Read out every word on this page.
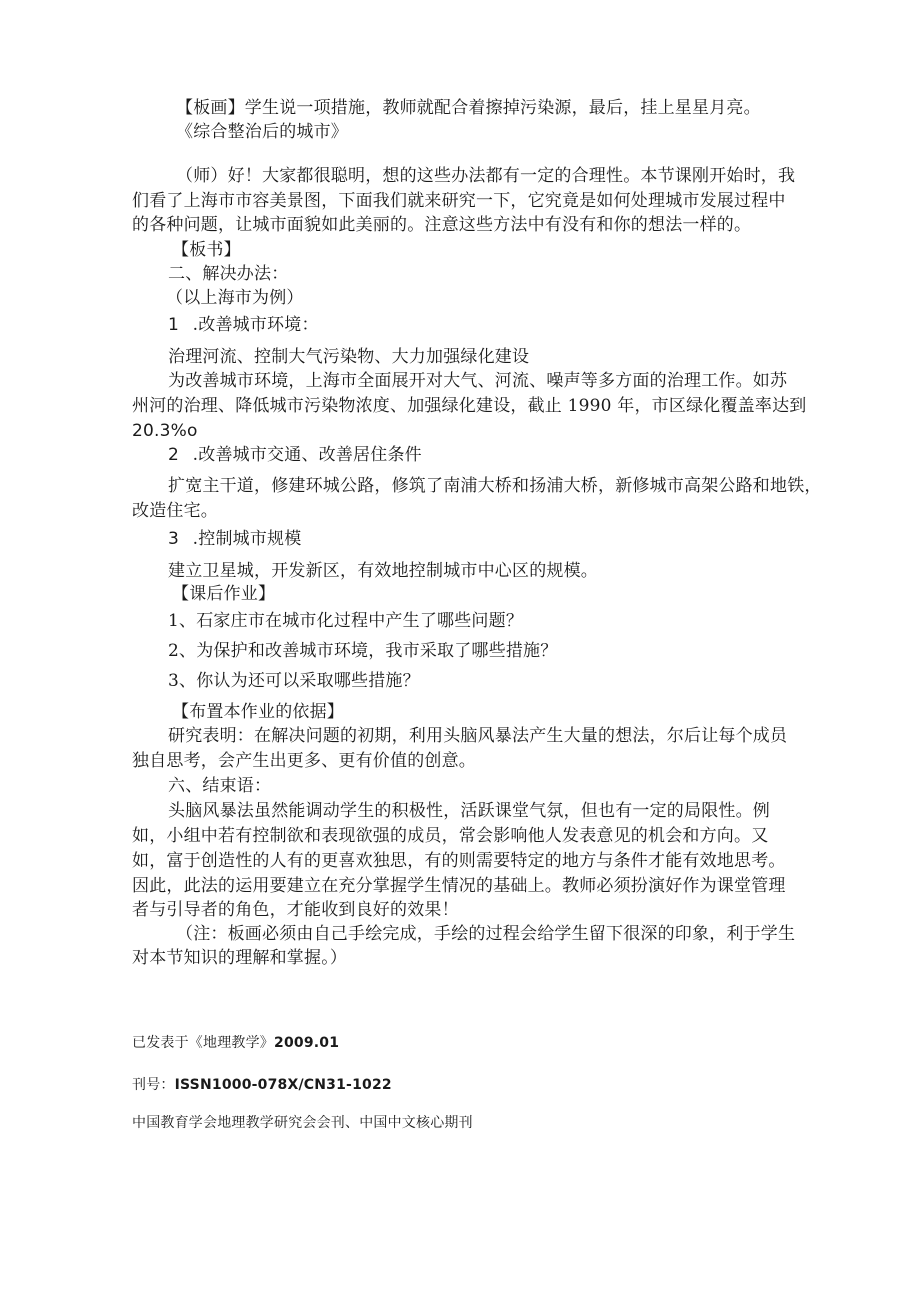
【板画】学生说一项措施，教师就配合着擦掉污染源，最后，挂上星星月亮。
《综合整治后的城市》
（师）好！大家都很聪明，想的这些办法都有一定的合理性。本节课刚开始时，我
们看了上海市市容美景图，下面我们就来研究一下，它究竟是如何处理城市发展过程中
的各种问题，让城市面貌如此美丽的。注意这些方法中有没有和你的想法一样的。
【板书】
二、解决办法：
（以上海市为例）
1 .改善城市环境：
治理河流、控制大气污染物、大力加强绿化建设
为改善城市环境，上海市全面展开对大气、河流、噪声等多方面的治理工作。如苏
州河的治理、降低城市污染物浓度、加强绿化建设，截止 1990 年，市区绿化覆盖率达到
20.3%o
2 .改善城市交通、改善居住条件
扩宽主干道，修建环城公路，修筑了南浦大桥和扬浦大桥，新修城市高架公路和地铁，
改造住宅。
3 .控制城市规模
建立卫星城，开发新区，有效地控制城市中心区的规模。
【课后作业】
1、石家庄市在城市化过程中产生了哪些问题？
2、为保护和改善城市环境，我市采取了哪些措施？
3、你认为还可以采取哪些措施？
【布置本作业的依据】
研究表明：在解决问题的初期，利用头脑风暴法产生大量的想法，尔后让每个成员
独自思考，会产生出更多、更有价值的创意。
六、结束语：
头脑风暴法虽然能调动学生的积极性，活跃课堂气氛，但也有一定的局限性。例
如，小组中若有控制欲和表现欲强的成员，常会影响他人发表意见的机会和方向。又
如，富于创造性的人有的更喜欢独思，有的则需要特定的地方与条件才能有效地思考。
因此，此法的运用要建立在充分掌握学生情况的基础上。教师必须扮演好作为课堂管理
者与引导者的角色，才能收到良好的效果！
（注：板画必须由自己手绘完成，手绘的过程会给学生留下很深的印象，利于学生
对本节知识的理解和掌握。）
已发表于《地理教学》2009.01
刊号：ISSN1000-078X/CN31-1022
中国教育学会地理教学研究会会刊、中国中文核心期刊
